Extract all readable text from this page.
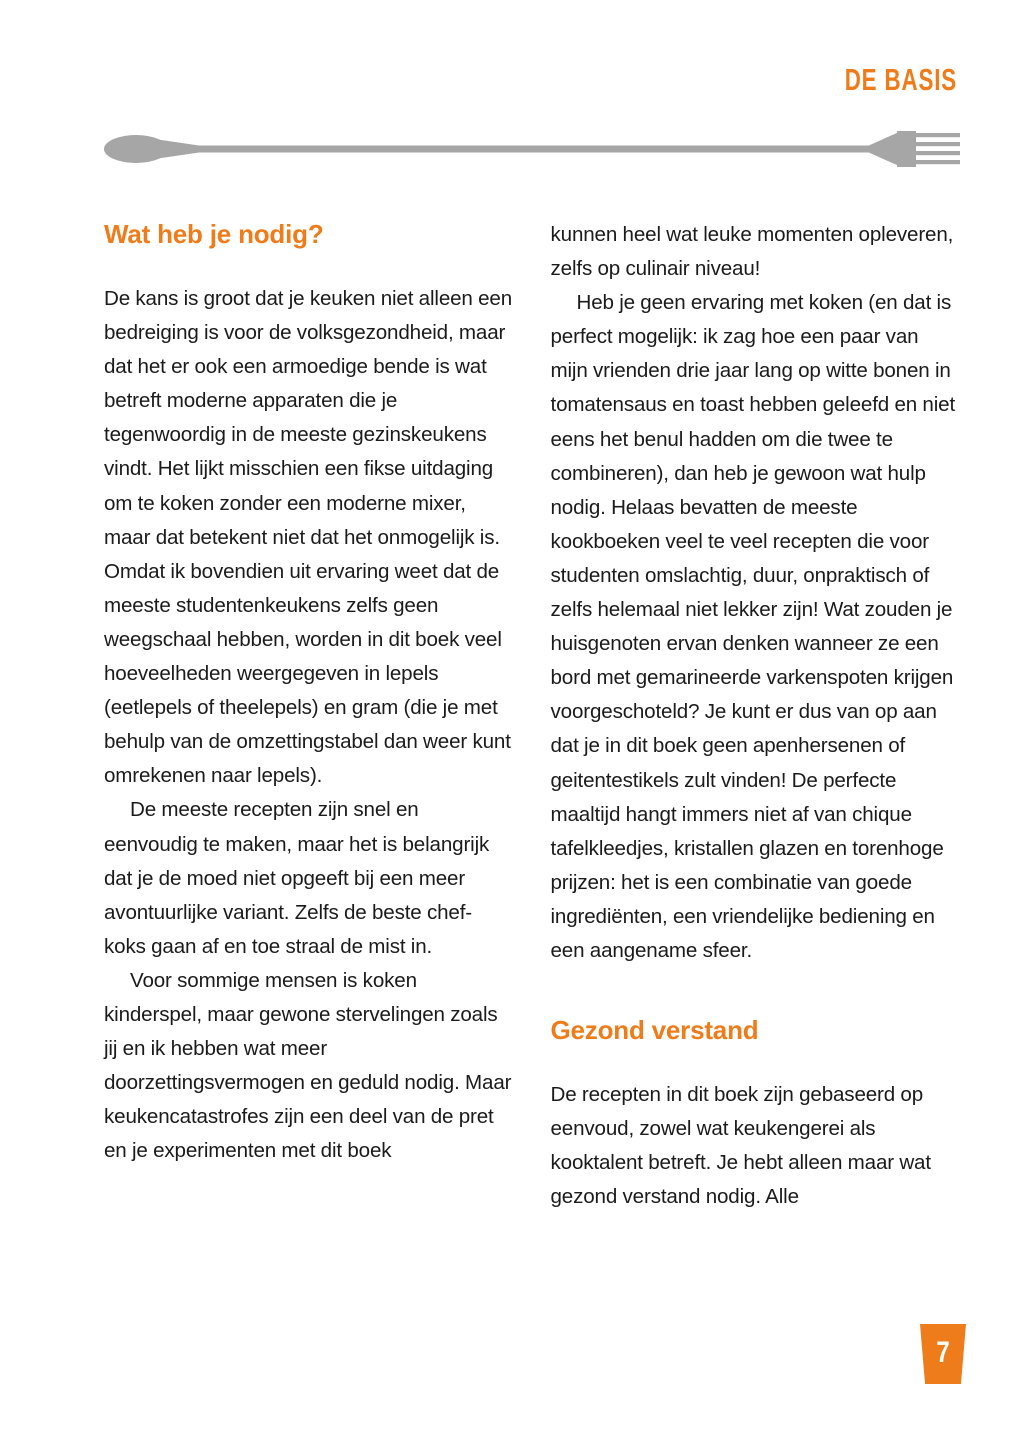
DE BASIS
Wat heb je nodig?

De kans is groot dat je keuken niet alleen een bedreiging is voor de volksgezondheid, maar dat het er ook een armoedige bende is wat betreft moderne apparaten die je tegenwoordig in de meeste gezinskeukens vindt. Het lijkt misschien een fikse uitdaging om te koken zonder een moderne mixer, maar dat betekent niet dat het onmogelijk is. Omdat ik bovendien uit ervaring weet dat de meeste studentenkeukens zelfs geen weegschaal hebben, worden in dit boek veel hoeveelheden weergegeven in lepels (eetlepels of theelepels) en gram (die je met behulp van de omzettingstabel dan weer kunt omrekenen naar lepels).

De meeste recepten zijn snel en eenvoudig te maken, maar het is belangrijk dat je de moed niet opgeeft bij een meer avontuurlijke variant. Zelfs de beste chef-koks gaan af en toe straal de mist in.

Voor sommige mensen is koken kinderspel, maar gewone stervelingen zoals jij en ik hebben wat meer doorzettingsvermogen en geduld nodig. Maar keukencatastrofes zijn een deel van de pret en je experimenten met dit boek

kunnen heel wat leuke momenten opleveren, zelfs op culinair niveau!

Heb je geen ervaring met koken (en dat is perfect mogelijk: ik zag hoe een paar van mijn vrienden drie jaar lang op witte bonen in tomatensaus en toast hebben geleefd en niet eens het benul hadden om die twee te combineren), dan heb je gewoon wat hulp nodig. Helaas bevatten de meeste kookboeken veel te veel recepten die voor studenten omslachtig, duur, onpraktisch of zelfs helemaal niet lekker zijn! Wat zouden je huisgenoten ervan denken wanneer ze een bord met gemarineerde varkenspoten krijgen voorgeschoteld? Je kunt er dus van op aan dat je in dit boek geen apenhersenen of geitentestikels zult vinden! De perfecte maaltijd hangt immers niet af van chique tafelkleedjes, kristallen glazen en torenhoge prijzen: het is een combinatie van goede ingrediënten, een vriendelijke bediening en een aangename sfeer.

Gezond verstand

De recepten in dit boek zijn gebaseerd op eenvoud, zowel wat keukengerei als kooktalent betreft. Je hebt alleen maar wat gezond verstand nodig. Alle

7
